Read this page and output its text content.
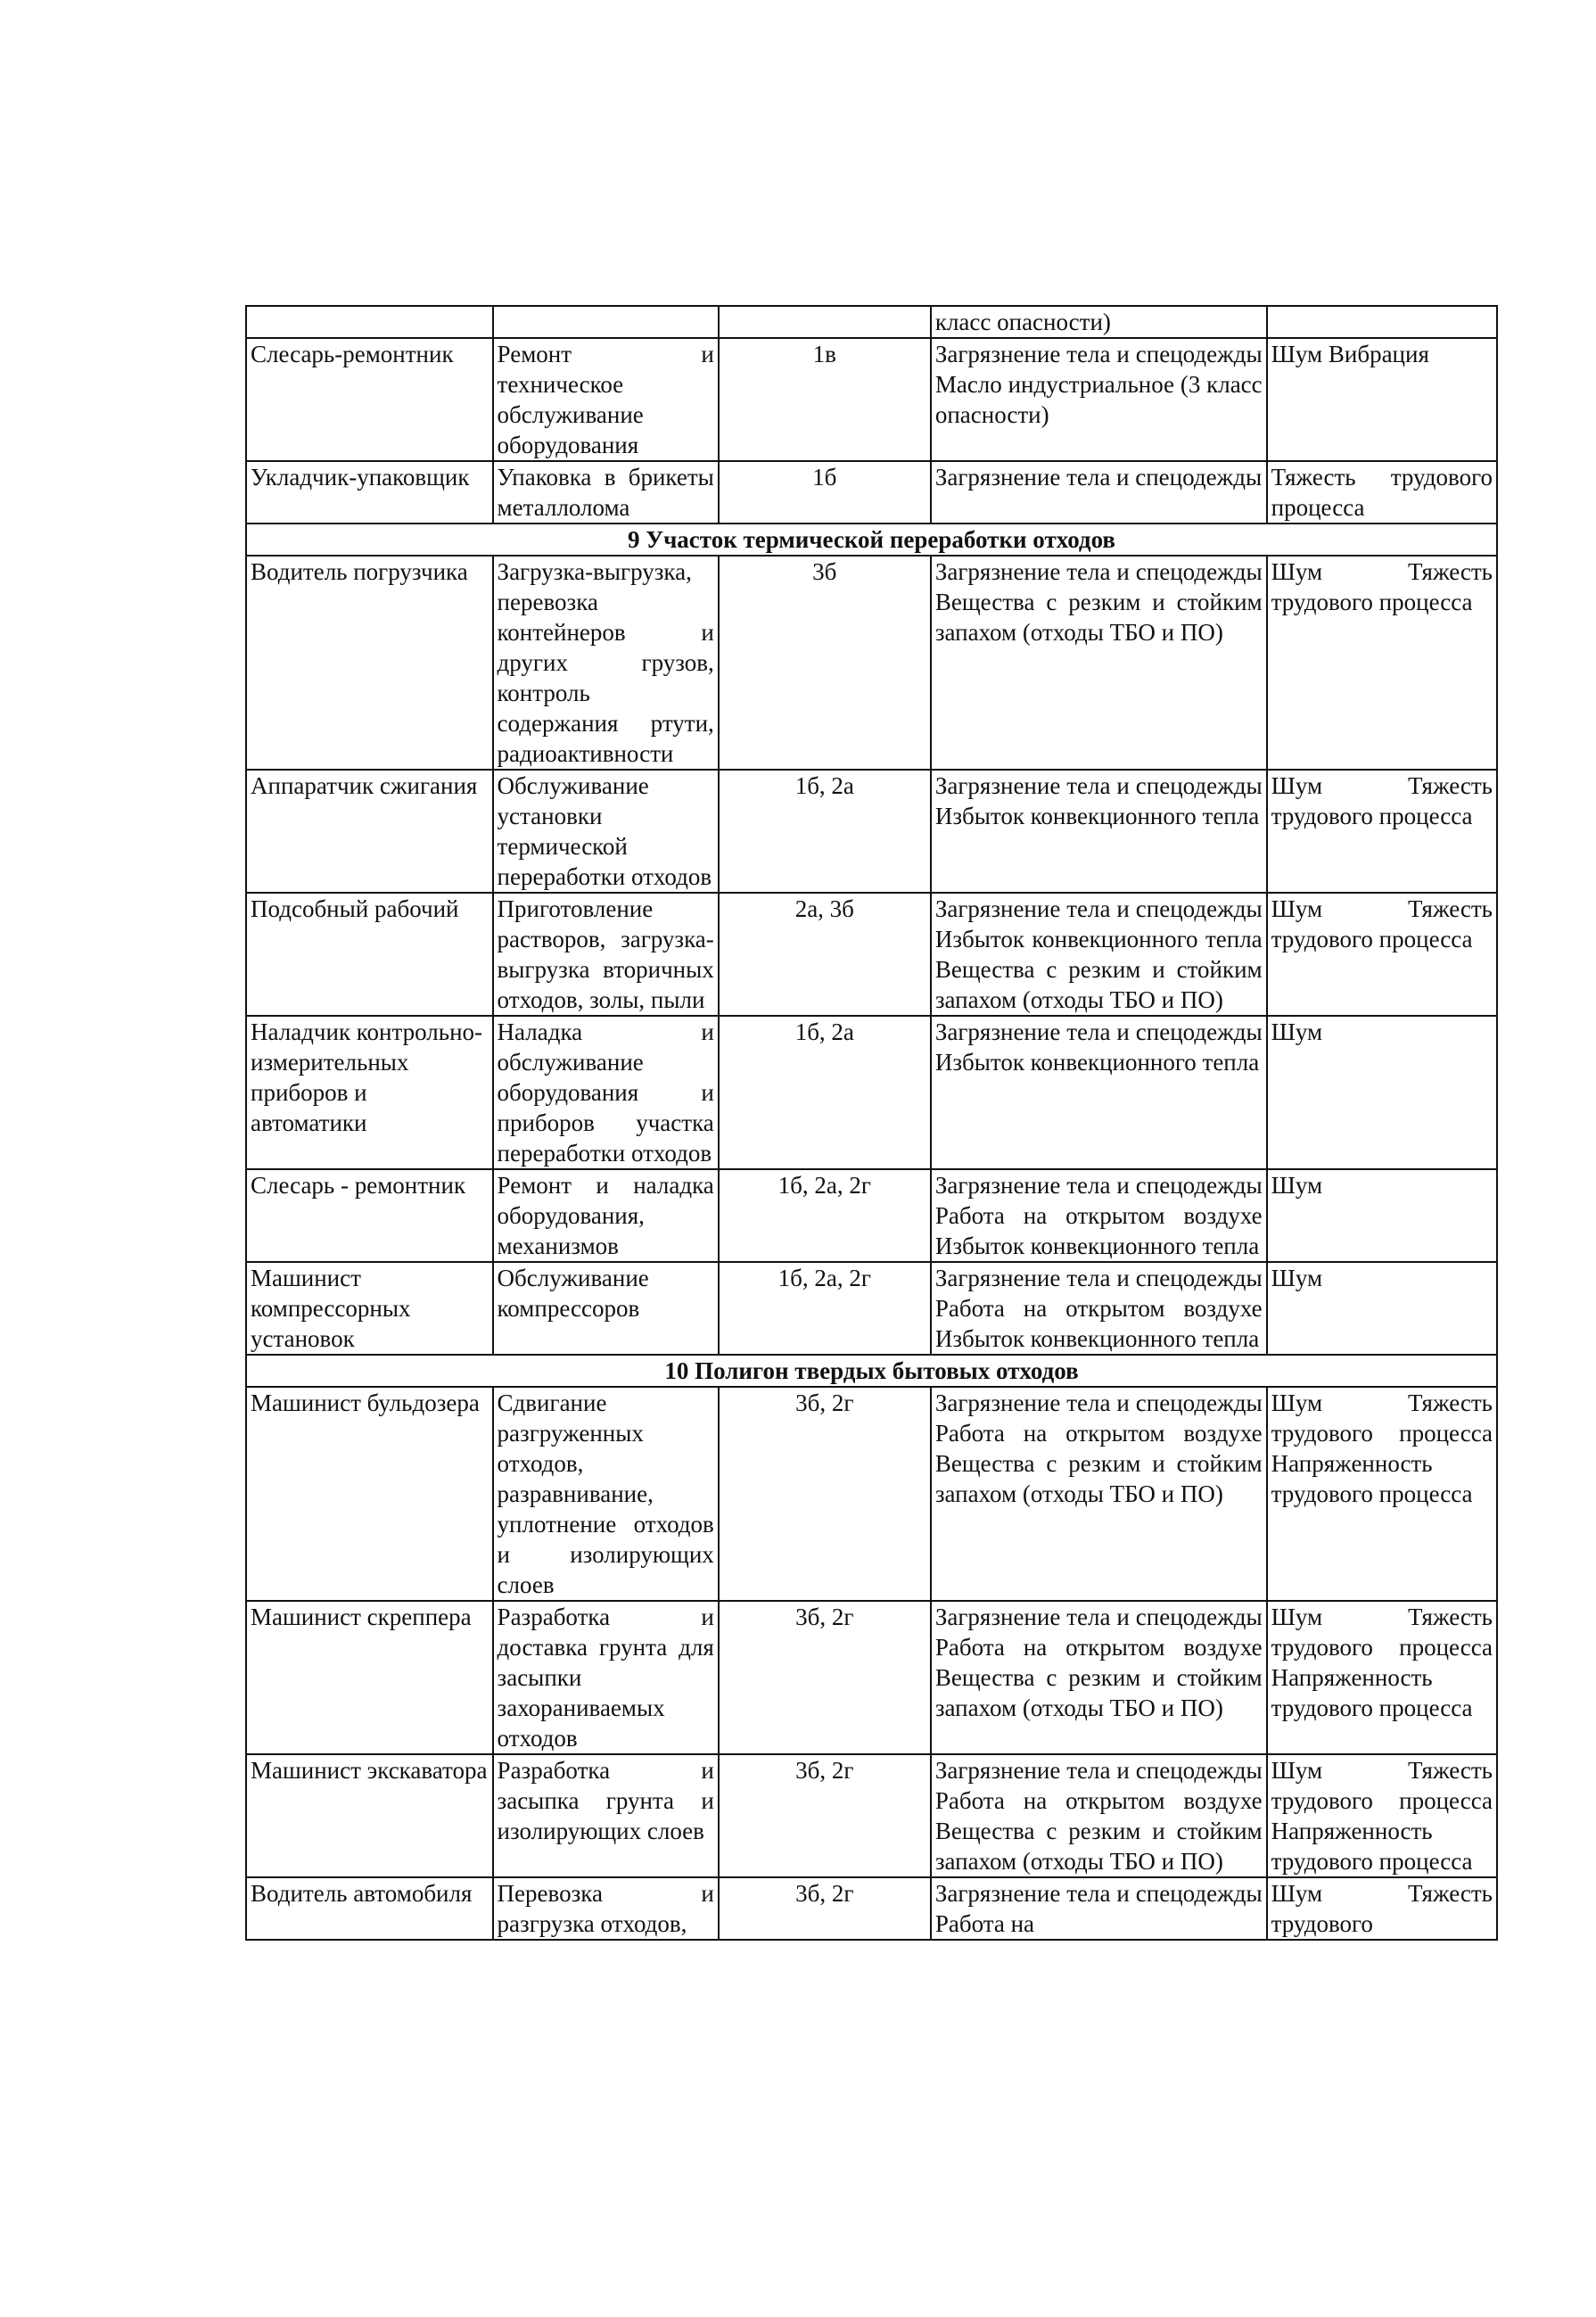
			класс опасности)	
Слесарь-ремонтник	Ремонт и техническое обслуживание оборудования	1в	Загрязнение тела и спецодежды Масло индустриальное (3 класс опасности)	Шум Вибрация
Укладчик-упаковщик	Упаковка в брикеты металлолома	1б	Загрязнение тела и спецодежды	Тяжесть трудового процесса
9 Участок термической переработки отходов				
Водитель погрузчика	Загрузка-выгрузка, перевозка контейнеров и других грузов, контроль содержания ртути, радиоактивности	3б	Загрязнение тела и спецодежды Вещества с резким и стойким запахом (отходы ТБО и ПО)	Шум Тяжесть трудового процесса
Аппаратчик сжигания	Обслуживание установки термической переработки отходов	1б, 2а	Загрязнение тела и спецодежды Избыток конвекционного тепла	Шум Тяжесть трудового процесса
Подсобный рабочий	Приготовление растворов, загрузка-выгрузка вторичных отходов, золы, пыли	2а, 3б	Загрязнение тела и спецодежды Избыток конвекционного тепла Вещества с резким и стойким запахом (отходы ТБО и ПО)	Шум Тяжесть трудового процесса
Наладчик контрольно-измерительных приборов и автоматики	Наладка и обслуживание оборудования и приборов участка переработки отходов	1б, 2а	Загрязнение тела и спецодежды Избыток конвекционного тепла	Шум
Слесарь - ремонтник	Ремонт и наладка оборудования, механизмов	1б, 2а, 2г	Загрязнение тела и спецодежды Работа на открытом воздухе Избыток конвекционного тепла	Шум
Машинист компрессорных установок	Обслуживание компрессоров	1б, 2а, 2г	Загрязнение тела и спецодежды Работа на открытом воздухе Избыток конвекционного тепла	Шум
10 Полигон твердых бытовых отходов				
Машинист бульдозера	Сдвигание разгруженных отходов, разравнивание, уплотнение отходов и изолирующих слоев	3б, 2г	Загрязнение тела и спецодежды Работа на открытом воздухе Вещества с резким и стойким запахом (отходы ТБО и ПО)	Шум Тяжесть трудового процесса Напряженность трудового процесса
Машинист скреппера	Разработка и доставка грунта для засыпки захораниваемых отходов	3б, 2г	Загрязнение тела и спецодежды Работа на открытом воздухе Вещества с резким и стойким запахом (отходы ТБО и ПО)	Шум Тяжесть трудового процесса Напряженность трудового процесса
Машинист экскаватора	Разработка и засыпка грунта и изолирующих слоев	3б, 2г	Загрязнение тела и спецодежды Работа на открытом воздухе Вещества с резким и стойким запахом (отходы ТБО и ПО)	Шум Тяжесть трудового процесса Напряженность трудового процесса
Водитель автомобиля	Перевозка и разгрузка отходов,	3б, 2г	Загрязнение тела и спецодежды Работа на	Шум Тяжесть трудового
